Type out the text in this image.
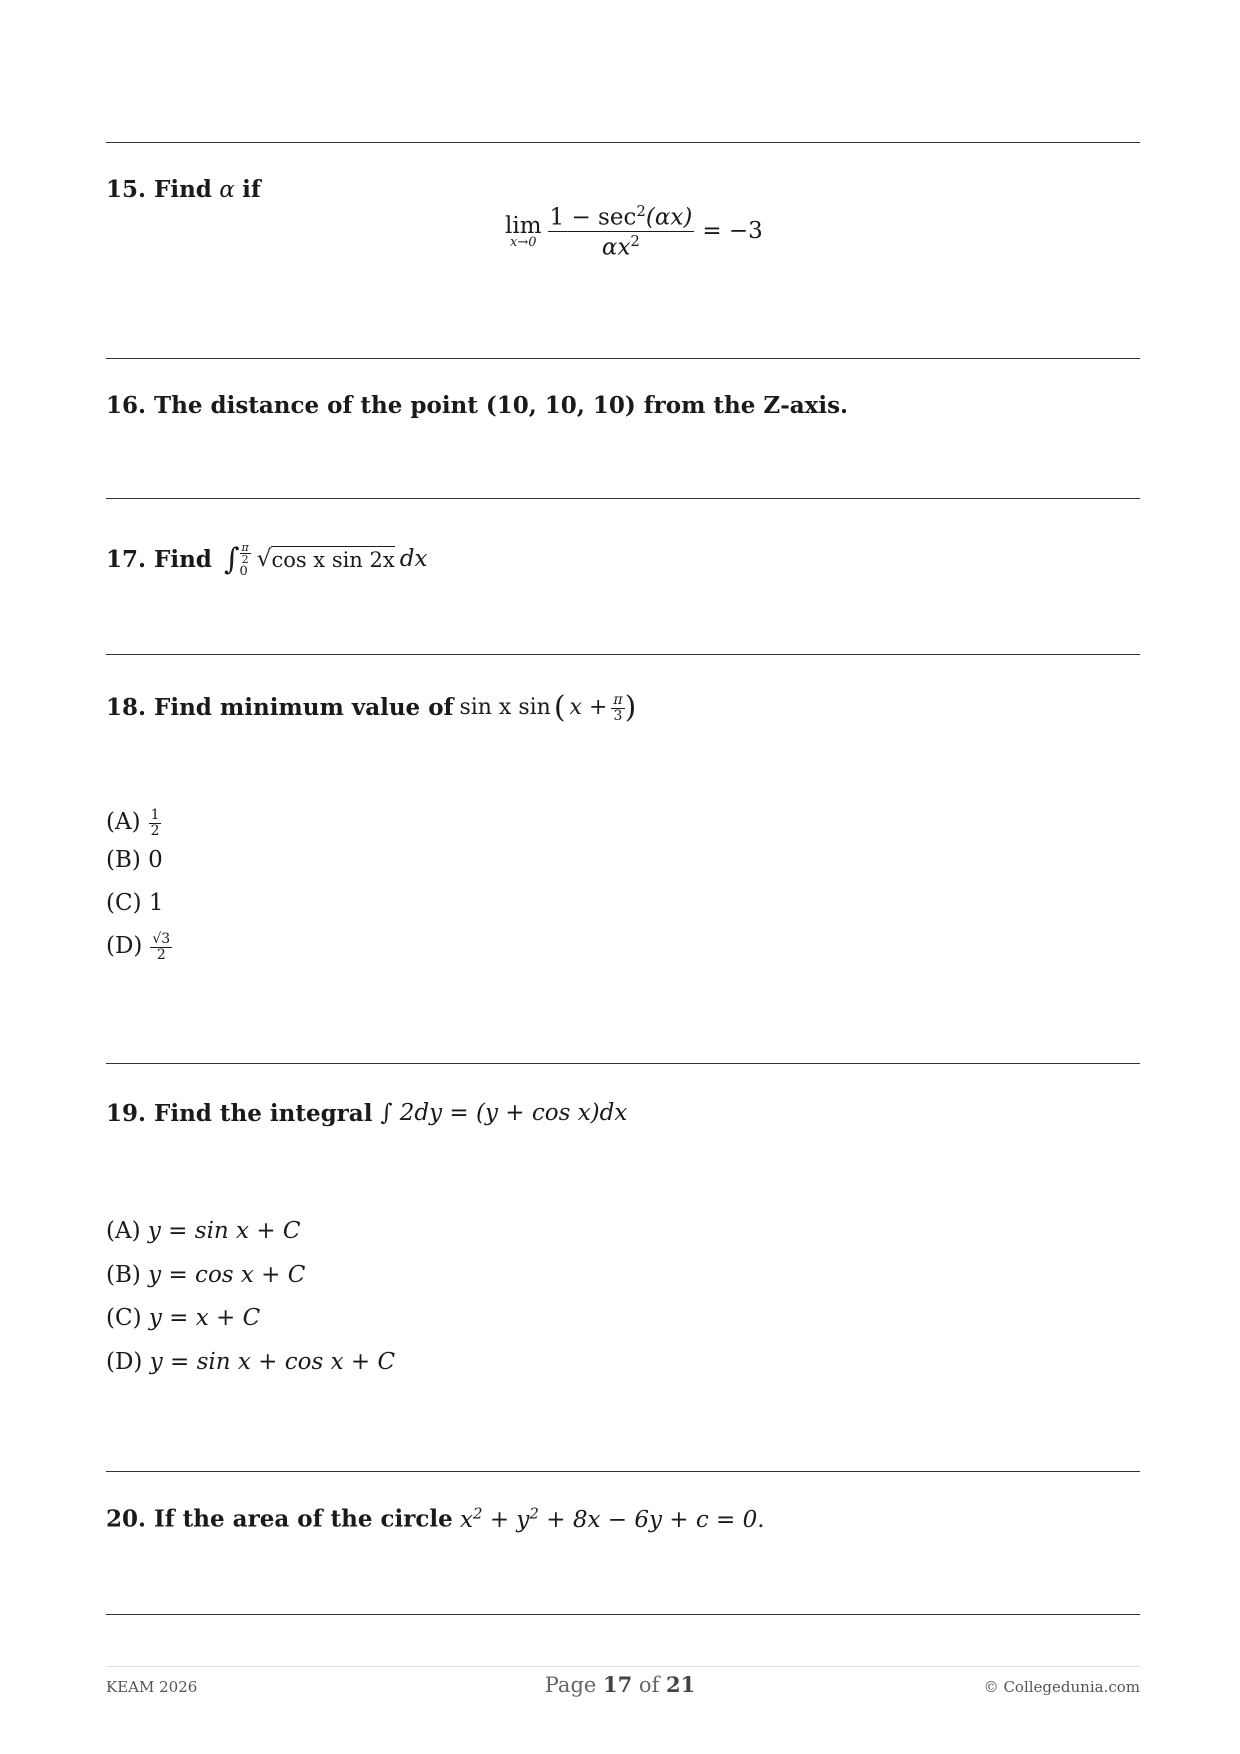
15. Find α if
lim
$x\to 0 \frac{1 - \sec^2(\alpha x)}{\alpha x^2} = -3$
16. The distance of the point (10, 10, 10) from the Z-axis.
17. Find ∫ π
2
0 √ cos x sin 2x dx
18. Find minimum value of sin x sin ( $x + \frac{\pi}{3}$ )
$(A) \frac{1}{2}$
(B) 0
(C) 1
$(D) \frac{√3}{2}$
19. Find the integral ∫ 2dy = (y + cos x)dx
(A) y = sin x + C
(B) y = cos x + C
(C) y = x + C
(D) y = sin x + cos x + C
20. If the area of the circle $x^2 + y^2 + 8x - 6y + c = 0$.
KEAM 2026	Page 17 of 21	© Collegedunia.com
